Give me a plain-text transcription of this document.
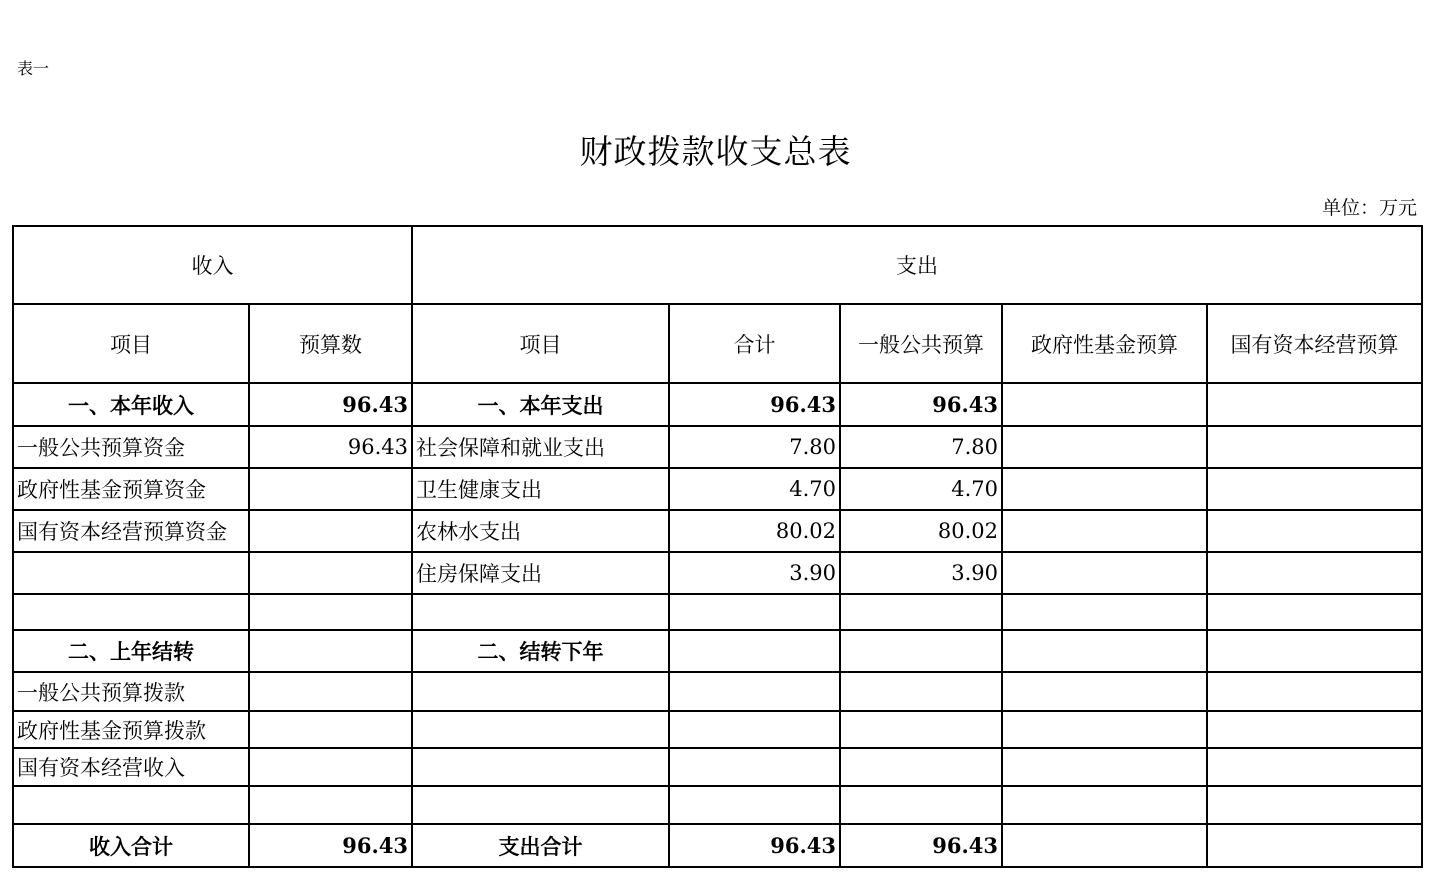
表一
财政拨款收支总表
单位：万元
收入		支出				
项目	预算数	项目	合计	一般公共预算	政府性基金预算	国有资本经营预算
一、本年收入	96.43	一、本年支出	96.43	96.43		
一般公共预算资金	96.43	社会保障和就业支出	7.80	7.80		
政府性基金预算资金		卫生健康支出	4.70	4.70		
国有资本经营预算资金		农林水支出	80.02	80.02		
		住房保障支出	3.90	3.90		

二、上年结转		二、结转下年				
一般公共预算拨款						
政府性基金预算拨款						
国有资本经营收入						

收入合计	96.43	支出合计	96.43	96.43		
